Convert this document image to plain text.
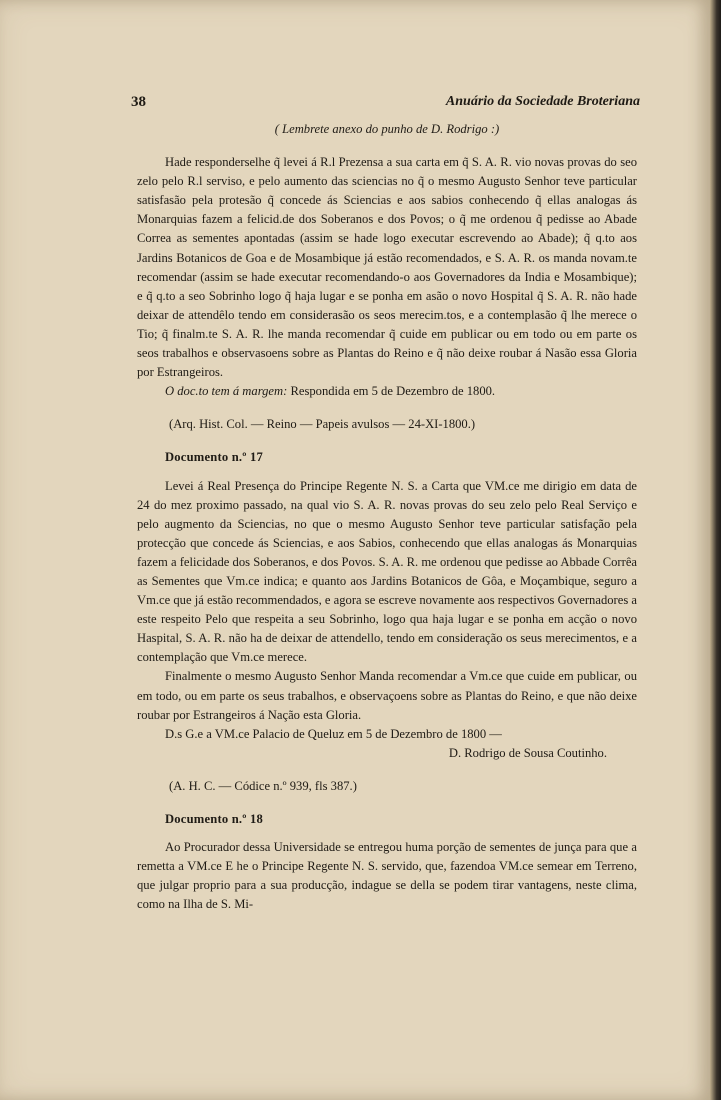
38	Anuário da Sociedade Broteriana

( Lembrete anexo do punho de D. Rodrigo :)

Hade responderselhe q̃ levei á R.l Prezensa a sua carta em q̃ S. A. R. vio novas provas do seo zelo pelo R.l serviso, e pelo aumento das sciencias no q̃ o mesmo Augusto Senhor teve particular satisfasão pela protesão q̃ concede ás Sciencias e aos sabios conhecendo q̃ ellas analogas ás Monarquias fazem a felicid.de dos Soberanos e dos Povos; o q̃ me ordenou q̃ pedisse ao Abade Correa as sementes apontadas (assim se hade logo executar escrevendo ao Abade); q̃ q.to aos Jardins Botanicos de Goa e de Mosambique já estão recomendados, e S. A. R. os manda novam.te recomendar (assim se hade executar recomendando-o aos Governadores da India e Mosambique); e q̃ q.to a seo Sobrinho logo q̃ haja lugar e se ponha em asão o novo Hospital q̃ S. A. R. não hade deixar de attendêlo tendo em considerasão os seos merecim.tos, e a contemplasão q̃ lhe merece o Tio; q̃ finalm.te S. A. R. lhe manda recomendar q̃ cuide em publicar ou em todo ou em parte os seos trabalhos e observasoens sobre as Plantas do Reino e q̃ não deixe roubar á Nasão essa Gloria por Estrangeiros.

O doc.to tem á margem: Respondida em 5 de Dezembro de 1800.

(Arq. Hist. Col. — Reino — Papeis avulsos — 24-XI-1800.)

Documento n.º 17

Levei á Real Presença do Principe Regente N. S. a Carta que VM.ce me dirigio em data de 24 do mez proximo passado, na qual vio S. A. R. novas provas do seu zelo pelo Real Serviço e pelo augmento da Sciencias, no que o mesmo Augusto Senhor teve particular satisfação pela protecção que concede ás Sciencias, e aos Sabios, conhecendo que ellas analogas ás Monarquias fazem a felicidade dos Soberanos, e dos Povos. S. A. R. me ordenou que pedisse ao Abbade Corrêa as Sementes que Vm.ce indica; e quanto aos Jardins Botanicos de Gôa, e Moçambique, seguro a Vm.ce que já estão recommendados, e agora se escreve novamente aos respectivos Governadores a este respeito Pelo que respeita a seu Sobrinho, logo qua haja lugar e se ponha em acção o novo Haspital, S. A. R. não ha de deixar de attendello, tendo em consideração os seus merecimentos, e a contemplação que Vm.ce merece.

Finalmente o mesmo Augusto Senhor Manda recomendar a Vm.ce que cuide em publicar, ou em todo, ou em parte os seus trabalhos, e observaçoens sobre as Plantas do Reino, e que não deixe roubar por Estrangeiros á Nação esta Gloria.

D.s G.e a VM.ce Palacio de Queluz em 5 de Dezembro de 1800 —

D. Rodrigo de Sousa Coutinho.

(A. H. C. — Códice n.º 939, fls 387.)

Documento n.º 18

Ao Procurador dessa Universidade se entregou huma porção de sementes de junça para que a remetta a VM.ce E he o Principe Regente N. S. servido, que, fazendoa VM.ce semear em Terreno, que julgar proprio para a sua producção, indague se della se podem tirar vantagens, neste clima, como na Ilha de S. Mi-
